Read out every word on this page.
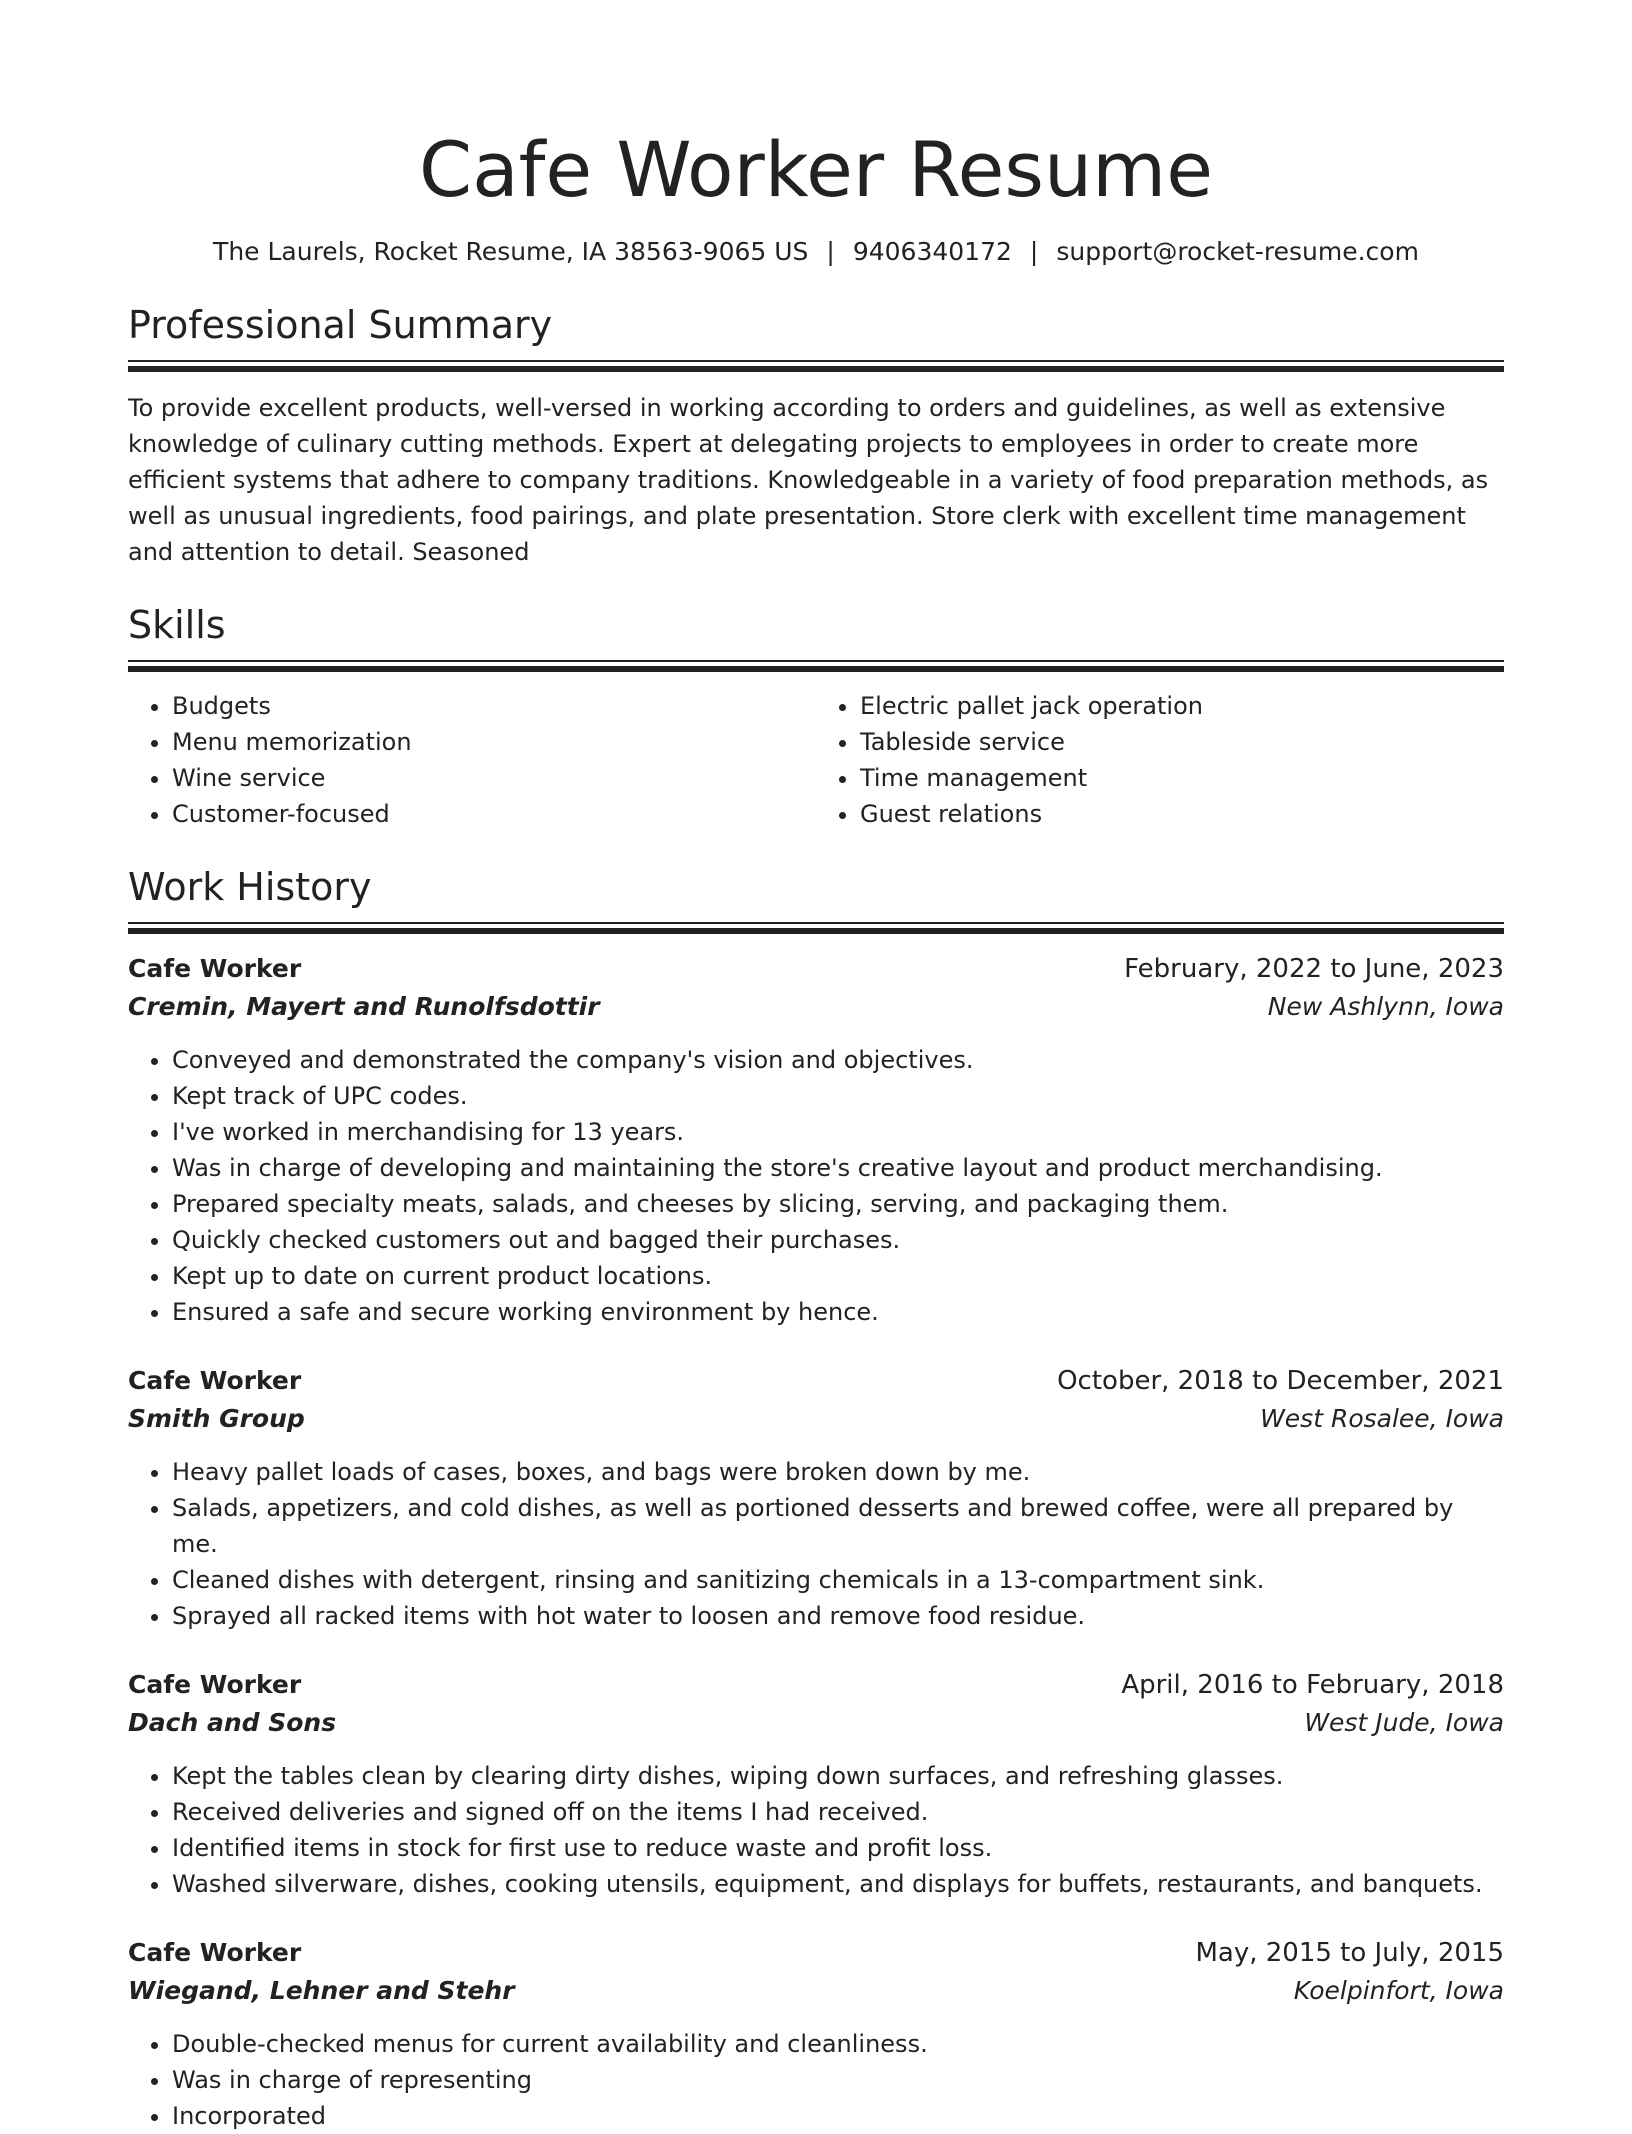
Cafe Worker Resume
The Laurels, Rocket Resume, IA 38563-9065 US | 9406340172 | support@rocket-resume.com
Professional Summary
To provide excellent products, well-versed in working according to orders and guidelines, as well as extensive knowledge of culinary cutting methods. Expert at delegating projects to employees in order to create more efficient systems that adhere to company traditions. Knowledgeable in a variety of food preparation methods, as well as unusual ingredients, food pairings, and plate presentation. Store clerk with excellent time management and attention to detail. Seasoned
Skills
• Budgets
• Menu memorization
• Wine service
• Customer-focused
• Electric pallet jack operation
• Tableside service
• Time management
• Guest relations
Work History
Cafe Worker	February, 2022 to June, 2023
Cremin, Mayert and Runolfsdottir	New Ashlynn, Iowa
• Conveyed and demonstrated the company's vision and objectives.
• Kept track of UPC codes.
• I've worked in merchandising for 13 years.
• Was in charge of developing and maintaining the store's creative layout and product merchandising.
• Prepared specialty meats, salads, and cheeses by slicing, serving, and packaging them.
• Quickly checked customers out and bagged their purchases.
• Kept up to date on current product locations.
• Ensured a safe and secure working environment by hence.
Cafe Worker	October, 2018 to December, 2021
Smith Group	West Rosalee, Iowa
• Heavy pallet loads of cases, boxes, and bags were broken down by me.
• Salads, appetizers, and cold dishes, as well as portioned desserts and brewed coffee, were all prepared by me.
• Cleaned dishes with detergent, rinsing and sanitizing chemicals in a 13-compartment sink.
• Sprayed all racked items with hot water to loosen and remove food residue.
Cafe Worker	April, 2016 to February, 2018
Dach and Sons	West Jude, Iowa
• Kept the tables clean by clearing dirty dishes, wiping down surfaces, and refreshing glasses.
• Received deliveries and signed off on the items I had received.
• Identified items in stock for first use to reduce waste and profit loss.
• Washed silverware, dishes, cooking utensils, equipment, and displays for buffets, restaurants, and banquets.
Cafe Worker	May, 2015 to July, 2015
Wiegand, Lehner and Stehr	Koelpinfort, Iowa
• Double-checked menus for current availability and cleanliness.
• Was in charge of representing
• Incorporated
